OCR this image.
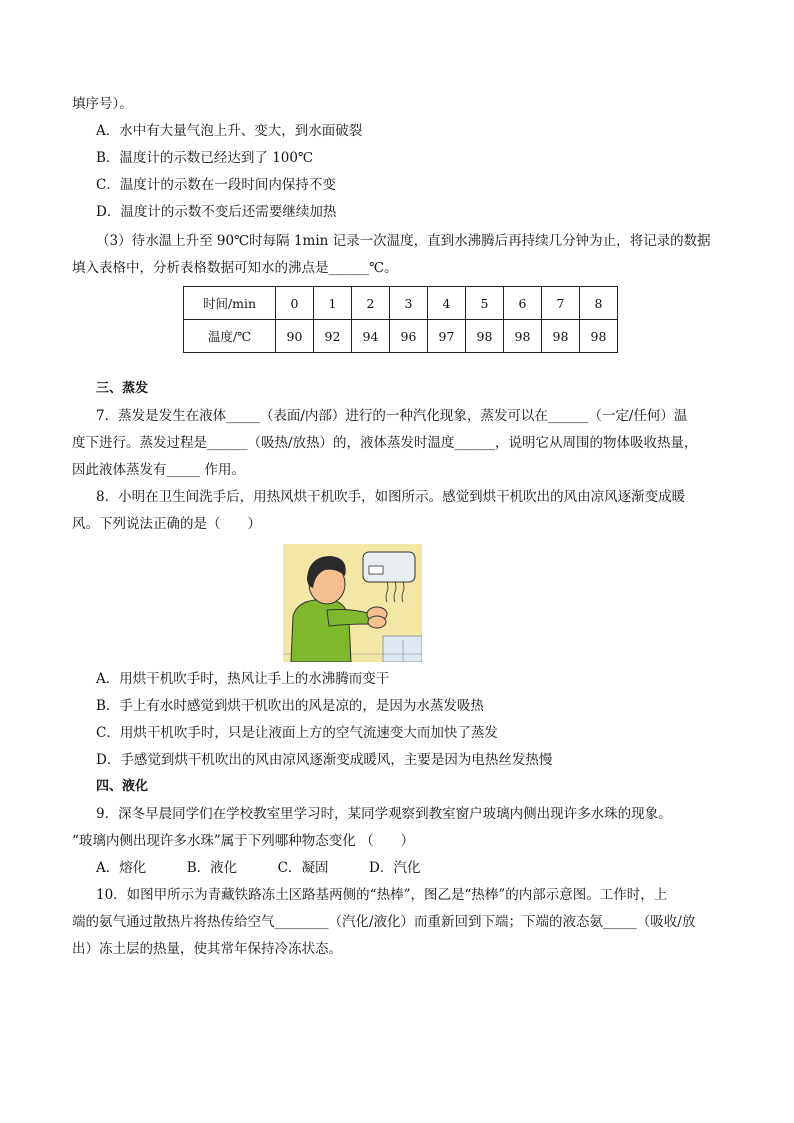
填序号）。
A．水中有大量气泡上升、变大，到水面破裂
B．温度计的示数已经达到了 100℃
C．温度计的示数在一段时间内保持不变
D．温度计的示数不变后还需要继续加热
（3）待水温上升至 90℃时每隔 1min 记录一次温度，直到水沸腾后再持续几分钟为止，将记录的数据
填入表格中，分析表格数据可知水的沸点是______℃。
时间/min	0	1	2	3	4	5	6	7	8
温度/℃	90	92	94	96	97	98	98	98	98
三、蒸发
7．蒸发是发生在液体_____（表面/内部）进行的一种汽化现象，蒸发可以在______（一定/任何）温
度下进行。蒸发过程是______（吸热/放热）的，液体蒸发时温度______，说明它从周围的物体吸收热量，
因此液体蒸发有_____ 作用。
8．小明在卫生间洗手后，用热风烘干机吹手，如图所示。感觉到烘干机吹出的风由凉风逐渐变成暖
风。下列说法正确的是（　　）
A．用烘干机吹手时，热风让手上的水沸腾而变干
B．手上有水时感觉到烘干机吹出的风是凉的，是因为水蒸发吸热
C．用烘干机吹手时，只是让液面上方的空气流速变大而加快了蒸发
D．手感觉到烘干机吹出的风由凉风逐渐变成暖风，主要是因为电热丝发热慢
四、液化
9．深冬早晨同学们在学校教室里学习时，某同学观察到教室窗户玻璃内侧出现许多水珠的现象。
“玻璃内侧出现许多水珠”属于下列哪种物态变化 （　　）
A．熔化　　　B．液化　　　C．凝固　　　D．汽化
10．如图甲所示为青藏铁路冻土区路基两侧的“热棒”，图乙是“热棒”的内部示意图。工作时，上
端的氨气通过散热片将热传给空气________（汽化/液化）而重新回到下端；下端的液态氨_____（吸收/放
出）冻土层的热量，使其常年保持冷冻状态。
